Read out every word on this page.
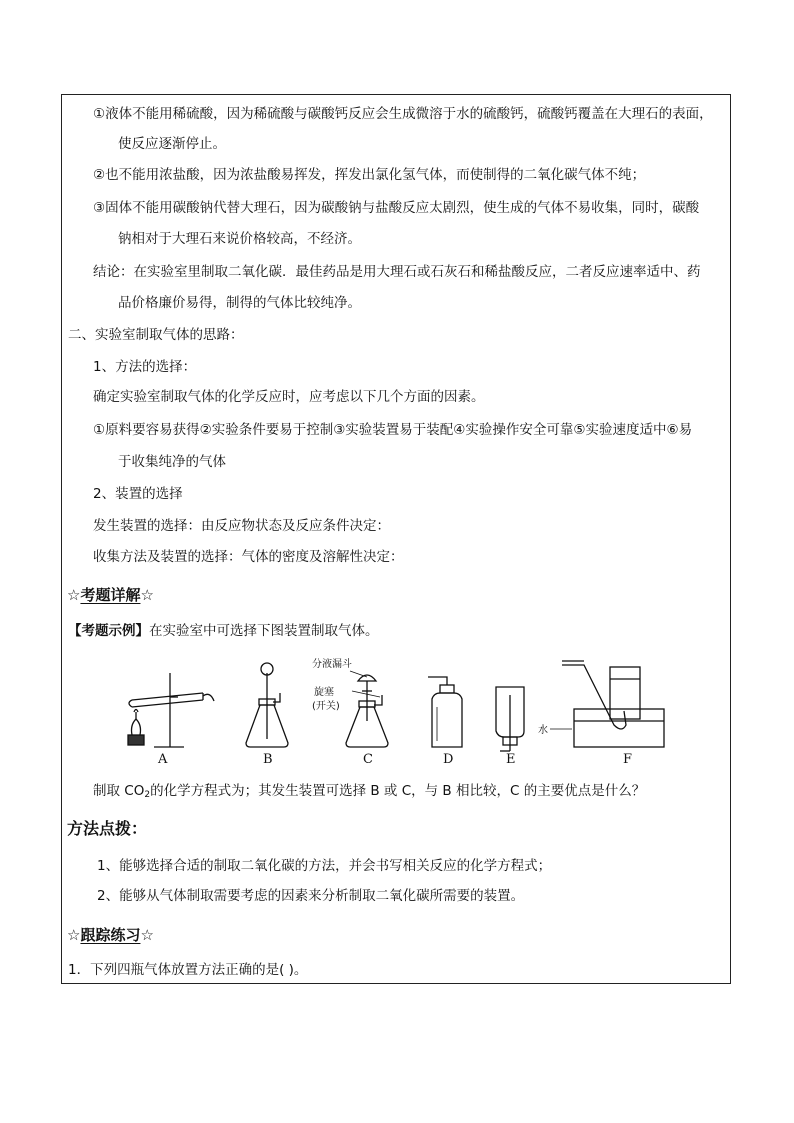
①液体不能用稀硫酸，因为稀硫酸与碳酸钙反应会生成微溶于水的硫酸钙，硫酸钙覆盖在大理石的表面，
使反应逐渐停止。
②也不能用浓盐酸，因为浓盐酸易挥发，挥发出氯化氢气体，而使制得的二氧化碳气体不纯；
③固体不能用碳酸钠代替大理石，因为碳酸钠与盐酸反应太剧烈，使生成的气体不易收集，同时，碳酸
钠相对于大理石来说价格较高，不经济。
结论：在实验室里制取二氧化碳．最佳药品是用大理石或石灰石和稀盐酸反应，二者反应速率适中、药
品价格廉价易得，制得的气体比较纯净。
二、实验室制取气体的思路：
1、方法的选择：
确定实验室制取气体的化学反应时，应考虑以下几个方面的因素。
①原料要容易获得②实验条件要易于控制③实验装置易于装配④实验操作安全可靠⑤实验速度适中⑥易
于收集纯净的气体
2、装置的选择
发生装置的选择：由反应物状态及反应条件决定：
收集方法及装置的选择：气体的密度及溶解性决定：
☆考题详解☆
【考题示例】在实验室中可选择下图装置制取气体。
A	B	C	D	E	F
分液漏斗
旋塞
(开关)
水
制取 $CO_2$的化学方程式为；其发生装置可选择 B 或 C，与 B 相比较，C 的主要优点是什么？
方法点拨：
1、能够选择合适的制取二氧化碳的方法，并会书写相关反应的化学方程式；
2、能够从气体制取需要考虑的因素来分析制取二氧化碳所需要的装置。
☆跟踪练习☆
1．下列四瓶气体放置方法正确的是( )。
